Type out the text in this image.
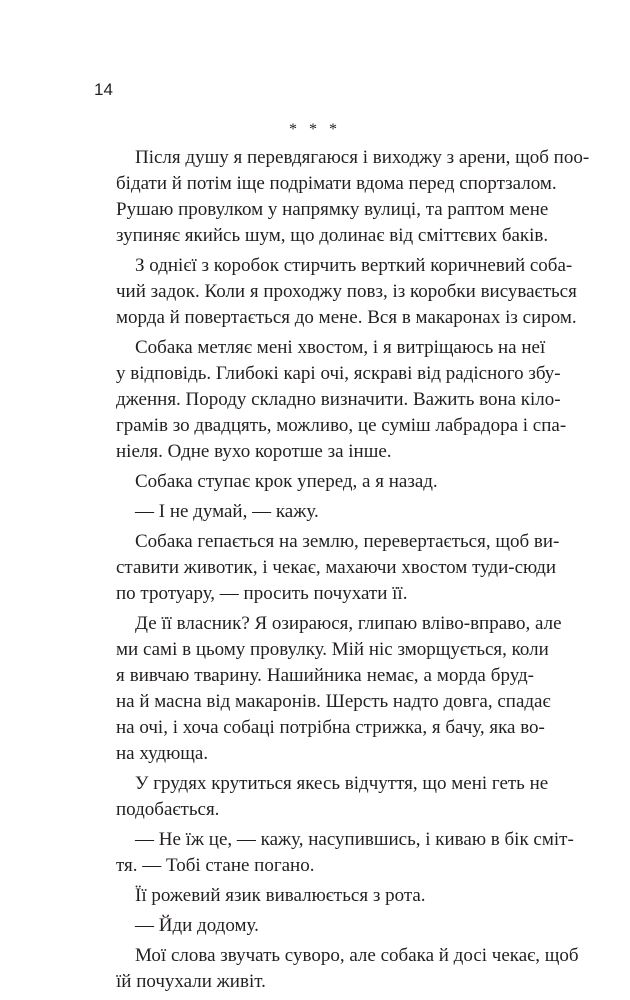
14
* * *

Після душу я перевдягаюся і виходжу з арени, щоб поо-
бідати й потім іще подрімати вдома перед спортзалом.
Рушаю провулком у напрямку вулиці, та раптом мене
зупиняє якийсь шум, що долинає від сміттєвих баків.

З однієї з коробок стирчить верткий коричневий соба-
чий задок. Коли я проходжу повз, із коробки висувається
морда й повертається до мене. Вся в макаронах із сиром.

Собака метляє мені хвостом, і я витріщаюсь на неї
у відповідь. Глибокі карі очі, яскраві від радісного збу-
дження. Породу складно визначити. Важить вона кіло-
грамів зо двадцять, можливо, це суміш лабрадора і спа-
ніеля. Одне вухо коротше за інше.

Собака ступає крок уперед, а я назад.

— І не думай, — кажу.

Собака гепається на землю, перевертається, щоб ви-
ставити животик, і чекає, махаючи хвостом туди-сюди
по тротуару, — просить почухати її.

Де її власник? Я озираюся, глипаю вліво-вправо, але
ми самі в цьому провулку. Мій ніс зморщується, коли
я вивчаю тварину. Нашийника немає, а морда бруд-
на й масна від макаронів. Шерсть надто довга, спадає
на очі, і хоча собаці потрібна стрижка, я бачу, яка во-
на худюща.

У грудях крутиться якесь відчуття, що мені геть не
подобається.

— Не їж це, — кажу, насупившись, і киваю в бік сміт-
тя. — Тобі стане погано.

Її рожевий язик вивалюється з рота.

— Йди додому.

Мої слова звучать суворо, але собака й досі чекає, щоб
їй почухали живіт.
